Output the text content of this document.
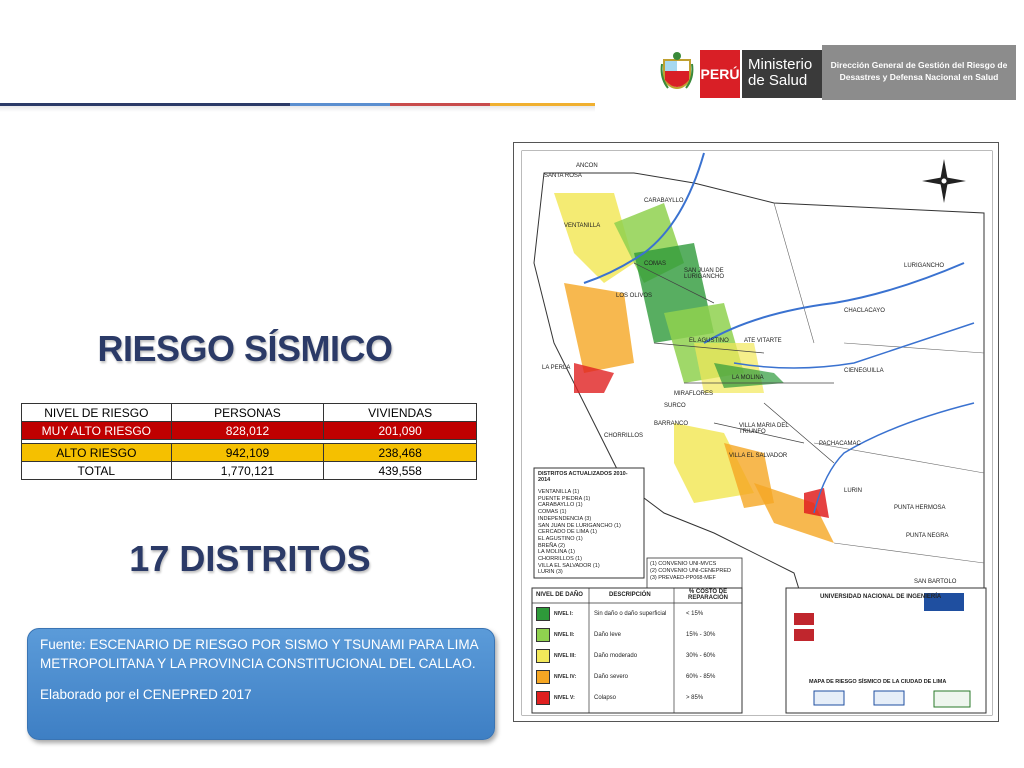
PERÚ
Ministerio de Salud
Dirección General de Gestión del Riesgo de Desastres y Defensa Nacional en Salud
RIESGO SÍSMICO
NIVEL DE RIESGO	PERSONAS	VIVIENDAS
MUY ALTO RIESGO	828,012	201,090

ALTO RIESGO	942,109	238,468
TOTAL	1,770,121	439,558
17 DISTRITOS

Fuente: ESCENARIO DE RIESGO POR SISMO Y TSUNAMI PARA LIMA METROPOLITANA Y LA PROVINCIA CONSTITUCIONAL DEL CALLAO.

Elaborado por el CENEPRED 2017

ANCON
SANTA ROSA
VENTANILLA
CARABAYLLO
COMAS
LOS OLIVOS
SAN JUAN DE LURIGANCHO
EL AGUSTINO	ATE VITARTE
LA MOLINA
SURCO
CHORRILLOS
CHACLACAYO
LURIGANCHO
CIENEGUILLA
PACHACAMAC
LURIN
PUNTA HERMOSA
PUNTA NEGRA
SAN BARTOLO
VILLA EL SALVADOR
VILLA MARIA DEL TRIUNFO
LA PERLA
MIRAFLORES
BARRANCO
DISTRITOS ACTUALIZADOS 2010-2014
VENTANILLA (1)
PUENTE PIEDRA (1)
CARABAYLLO (1)
COMAS (1)
INDEPENDENCIA (3)
SAN JUAN DE LURIGANCHO (1)
CERCADO DE LIMA (1)
EL AGUSTINO (1)
BREÑA (2)
LA MOLINA (1)
CHORRILLOS (1)
VILLA EL SALVADOR (1)
LURIN (3)
(1) CONVENIO UNI-MVCS
(2) CONVENIO UNI-CENEPRED
(3) PREVAED-PP068-MEF
NIVEL DE DAÑO	DESCRIPCIÓN	% COSTO DE REPARACIÓN
NIVEL I:	Sin daño o daño superficial	< 15%
NIVEL II:	Daño leve	15% - 30%
NIVEL III:	Daño moderado	30% - 60%
NIVEL IV:	Daño severo	60% - 85%
NIVEL V:	Colapso	> 85%
UNIVERSIDAD NACIONAL DE INGENIERÍA
MAPA DE RIESGO SÍSMICO DE LA CIUDAD DE LIMA
